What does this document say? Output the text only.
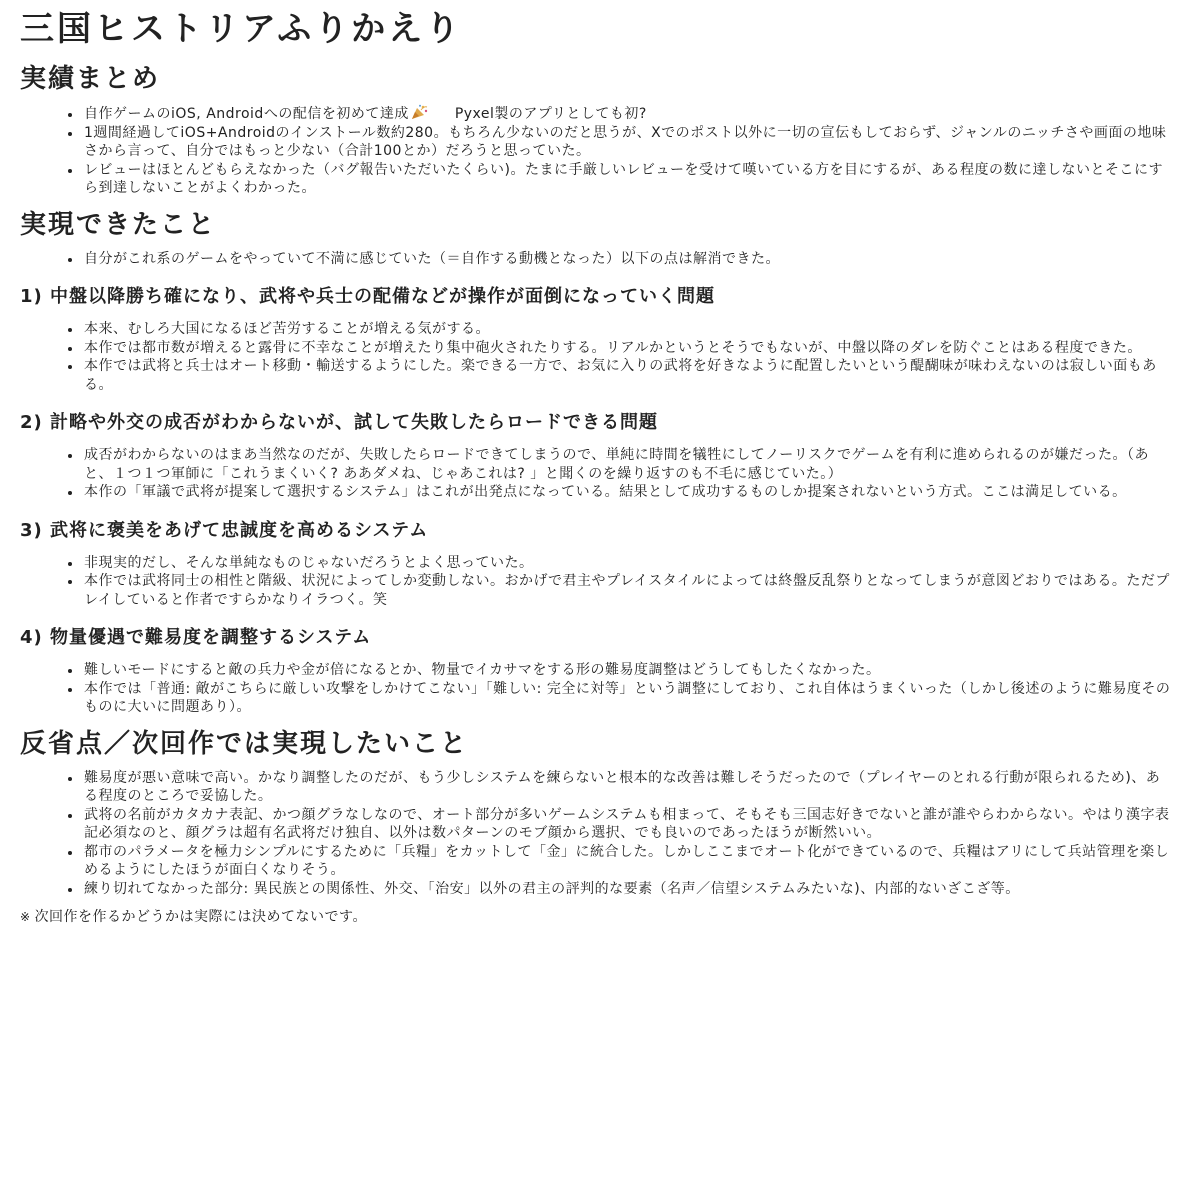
三国ヒストリアふりかえり
実績まとめ
• 自作ゲームのiOS, Androidへの配信を初めて達成	Pyxel製のアプリとしても初?
• 1週間経過してiOS+Androidのインストール数約280。もちろん少ないのだと思うが、Xでのポスト以外に一切の宣伝もしておらず、ジャンルのニッチさや画面の地味さから言って、自分ではもっと少ない（合計100とか）だろうと思っていた。
• レビューはほとんどもらえなかった（バグ報告いただいたくらい)。たまに手厳しいレビューを受けて嘆いている方を目にするが、ある程度の数に達しないとそこにすら到達しないことがよくわかった。
実現できたこと
• 自分がこれ系のゲームをやっていて不満に感じていた（＝自作する動機となった）以下の点は解消できた。
1) 中盤以降勝ち確になり、武将や兵士の配備などが操作が面倒になっていく問題
• 本来、むしろ大国になるほど苦労することが増える気がする。
• 本作では都市数が増えると露骨に不幸なことが増えたり集中砲火されたりする。リアルかというとそうでもないが、中盤以降のダレを防ぐことはある程度できた。
• 本作では武将と兵士はオート移動・輸送するようにした。楽できる一方で、お気に入りの武将を好きなように配置したいという醍醐味が味わえないのは寂しい面もある。
2) 計略や外交の成否がわからないが、試して失敗したらロードできる問題
• 成否がわからないのはまあ当然なのだが、失敗したらロードできてしまうので、単純に時間を犠牲にしてノーリスクでゲームを有利に進められるのが嫌だった。（あと、１つ１つ軍師に「これうまくいく? ああダメね、じゃあこれは? 」と聞くのを繰り返すのも不毛に感じていた。）
• 本作の「軍議で武将が提案して選択するシステム」はこれが出発点になっている。結果として成功するものしか提案されないという方式。ここは満足している。
3) 武将に褒美をあげて忠誠度を高めるシステム
• 非現実的だし、そんな単純なものじゃないだろうとよく思っていた。
• 本作では武将同士の相性と階級、状況によってしか変動しない。おかげで君主やプレイスタイルによっては終盤反乱祭りとなってしまうが意図どおりではある。ただプレイしていると作者ですらかなりイラつく。笑
4) 物量優遇で難易度を調整するシステム
• 難しいモードにすると敵の兵力や金が倍になるとか、物量でイカサマをする形の難易度調整はどうしてもしたくなかった。
• 本作では「普通: 敵がこちらに厳しい攻撃をしかけてこない」「難しい: 完全に対等」という調整にしており、これ自体はうまくいった（しかし後述のように難易度そのものに大いに問題あり）。
反省点／次回作では実現したいこと
• 難易度が悪い意味で高い。かなり調整したのだが、もう少しシステムを練らないと根本的な改善は難しそうだったので（プレイヤーのとれる行動が限られるため)、ある程度のところで妥協した。
• 武将の名前がカタカナ表記、かつ顔グラなしなので、オート部分が多いゲームシステムも相まって、そもそも三国志好きでないと誰が誰やらわからない。やはり漢字表記必須なのと、顔グラは超有名武将だけ独自、以外は数パターンのモブ顔から選択、でも良いのであったほうが断然いい。
• 都市のパラメータを極力シンプルにするために「兵糧」をカットして「金」に統合した。しかしここまでオート化ができているので、兵糧はアリにして兵站管理を楽しめるようにしたほうが面白くなりそう。
• 練り切れてなかった部分: 異民族との関係性、外交、「治安」以外の君主の評判的な要素（名声／信望システムみたいな)、内部的ないざこざ等。
※ 次回作を作るかどうかは実際には決めてないです。
